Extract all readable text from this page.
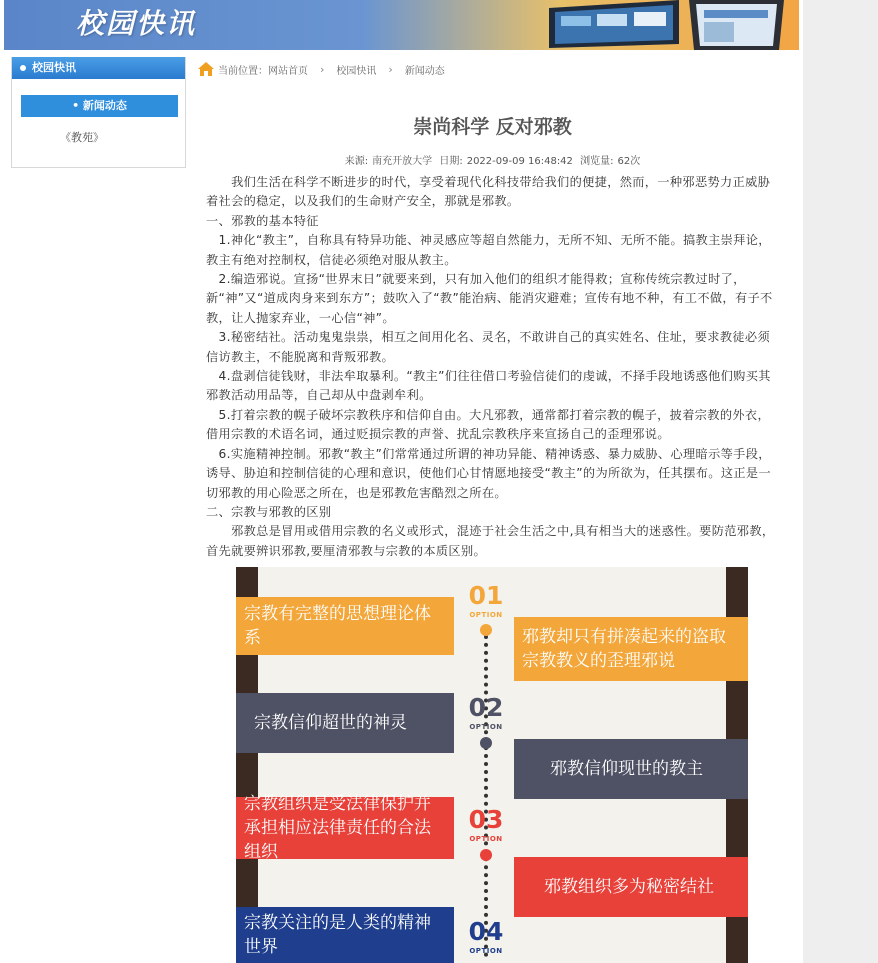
校园快讯
校园快讯
• 新闻动态
《教苑》
当前位置： 网站首页 › 校园快讯 › 新闻动态
崇尚科学 反对邪教
来源: 南充开放大学 日期: 2022-09-09 16:48:42 浏览量: 62次

　　我们生活在科学不断进步的时代，享受着现代化科技带给我们的便捷，然而，一种邪恶势力正威胁着社会的稳定，以及我们的生命财产安全，那就是邪教。

一、邪教的基本特征

　1.神化“教主”，自称具有特异功能、神灵感应等超自然能力，无所不知、无所不能。搞教主崇拜论，教主有绝对控制权，信徒必须绝对服从教主。

　2.编造邪说。宣扬“世界末日”就要来到，只有加入他们的组织才能得救；宣称传统宗教过时了，新“神”又“道成肉身来到东方”；鼓吹入了“教”能治病、能消灾避难；宣传有地不种，有工不做，有子不教，让人抛家弃业，一心信“神”。

　3.秘密结社。活动鬼鬼祟祟，相互之间用化名、灵名，不敢讲自己的真实姓名、住址，要求教徒必须信访教主，不能脱离和背叛邪教。

　4.盘剥信徒钱财，非法牟取暴利。“教主”们往往借口考验信徒们的虔诚，不择手段地诱惑他们购买其邪教活动用品等，自己却从中盘剥牟利。

　5.打着宗教的幌子破坏宗教秩序和信仰自由。大凡邪教，通常都打着宗教的幌子，披着宗教的外衣，借用宗教的术语名词，通过贬损宗教的声誉、扰乱宗教秩序来宣扬自己的歪理邪说。

　6.实施精神控制。邪教“教主”们常常通过所谓的神功异能、精神诱惑、暴力威胁、心理暗示等手段，诱导、胁迫和控制信徒的心理和意识，使他们心甘情愿地接受“教主”的为所欲为，任其摆布。这正是一切邪教的用心险恶之所在，也是邪教危害酷烈之所在。

二、宗教与邪教的区别

　　邪教总是冒用或借用宗教的名义或形式，混迹于社会生活之中,具有相当大的迷惑性。要防范邪教，首先就要辨识邪教,要厘清邪教与宗教的本质区别。

宗教有完整的思想理论体系
01
OPTION
邪教却只有拼凑起来的盗取宗教教义的歪理邪说
宗教信仰超世的神灵
02
OPTION
邪教信仰现世的教主
宗教组织是受法律保护并承担相应法律责任的合法组织
03
OPTION
邪教组织多为秘密结社
宗教关注的是人类的精神世界
04
OPTION
